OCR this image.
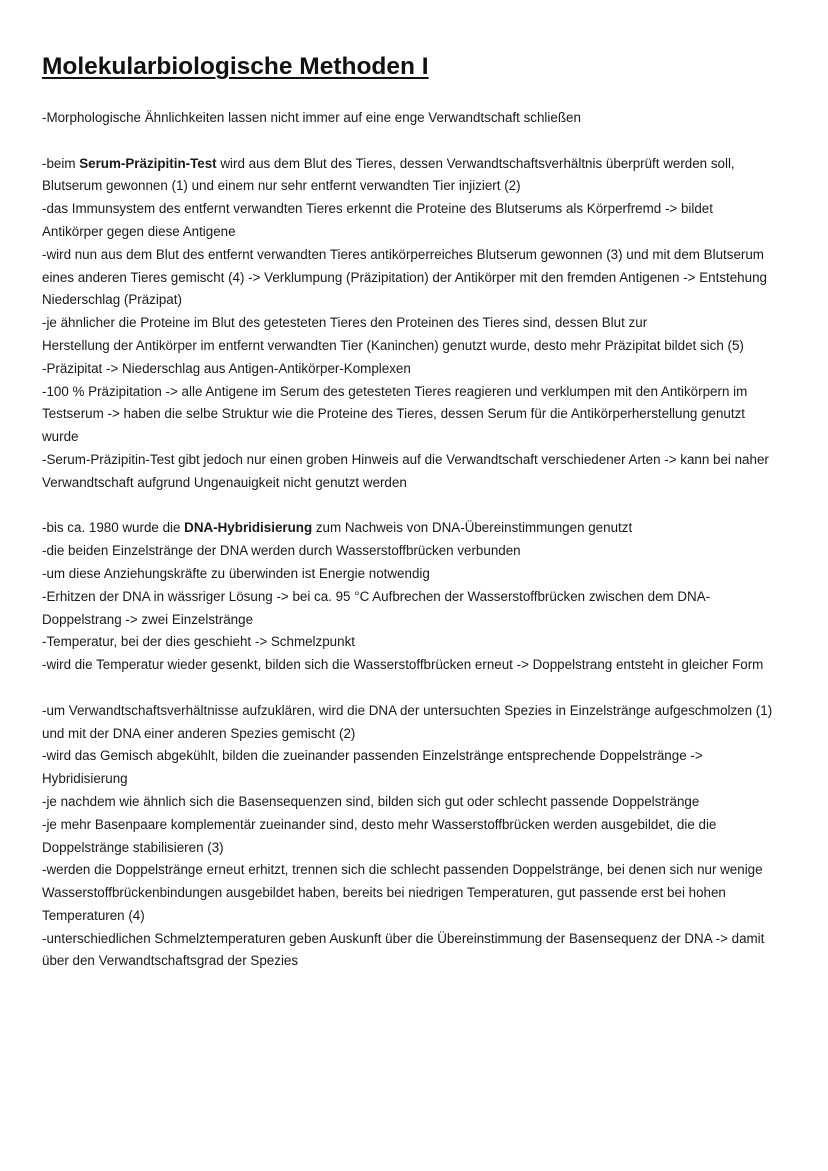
Molekularbiologische Methoden I
-Morphologische Ähnlichkeiten lassen nicht immer auf eine enge Verwandtschaft schließen
-beim Serum-Präzipitin-Test wird aus dem Blut des Tieres, dessen Verwandtschaftsverhältnis überprüft werden soll,
Blutserum gewonnen (1) und einem nur sehr entfernt verwandten Tier injiziert (2)
-das Immunsystem des entfernt verwandten Tieres erkennt die Proteine des Blutserums als Körperfremd -> bildet
Antikörper gegen diese Antigene
-wird nun aus dem Blut des entfernt verwandten Tieres antikörperreiches Blutserum gewonnen (3) und mit dem Blutserum
eines anderen Tieres gemischt (4) -> Verklumpung (Präzipitation) der Antikörper mit den fremden Antigenen -> Entstehung
Niederschlag (Präzipat)
-je ähnlicher die Proteine im Blut des getesteten Tieres den Proteinen des Tieres sind, dessen Blut zur
Herstellung der Antikörper im entfernt verwandten Tier (Kaninchen) genutzt wurde, desto mehr Präzipitat bildet sich (5)
-Präzipitat -> Niederschlag aus Antigen-Antikörper-Komplexen
-100 % Präzipitation -> alle Antigene im Serum des getesteten Tieres reagieren und verklumpen mit den Antikörpern im
Testserum -> haben die selbe Struktur wie die Proteine des Tieres, dessen Serum für die Antikörperherstellung genutzt
wurde
-Serum-Präzipitin-Test gibt jedoch nur einen groben Hinweis auf die Verwandtschaft verschiedener Arten -> kann bei naher
Verwandtschaft aufgrund Ungenauigkeit nicht genutzt werden
-bis ca. 1980 wurde die DNA-Hybridisierung zum Nachweis von DNA-Übereinstimmungen genutzt
-die beiden Einzelstränge der DNA werden durch Wasserstoffbrücken verbunden
-um diese Anziehungskräfte zu überwinden ist Energie notwendig
-Erhitzen der DNA in wässriger Lösung -> bei ca. 95 °C Aufbrechen der Wasserstoffbrücken zwischen dem DNA-
Doppelstrang -> zwei Einzelstränge
-Temperatur, bei der dies geschieht -> Schmelzpunkt
-wird die Temperatur wieder gesenkt, bilden sich die Wasserstoffbrücken erneut -> Doppelstrang entsteht in gleicher Form
-um Verwandtschaftsverhältnisse aufzuklären, wird die DNA der untersuchten Spezies in Einzelstränge aufgeschmolzen (1)
und mit der DNA einer anderen Spezies gemischt (2)
-wird das Gemisch abgekühlt, bilden die zueinander passenden Einzelstränge entsprechende Doppelstränge ->
Hybridisierung
-je nachdem wie ähnlich sich die Basensequenzen sind, bilden sich gut oder schlecht passende Doppelstränge
-je mehr Basenpaare komplementär zueinander sind, desto mehr Wasserstoffbrücken werden ausgebildet, die die
Doppelstränge stabilisieren (3)
-werden die Doppelstränge erneut erhitzt, trennen sich die schlecht passenden Doppelstränge, bei denen sich nur wenige
Wasserstoffbrückenbindungen ausgebildet haben, bereits bei niedrigen Temperaturen, gut passende erst bei hohen
Temperaturen (4)
-unterschiedlichen Schmelztemperaturen geben Auskunft über die Übereinstimmung der Basensequenz der DNA -> damit
über den Verwandtschaftsgrad der Spezies
